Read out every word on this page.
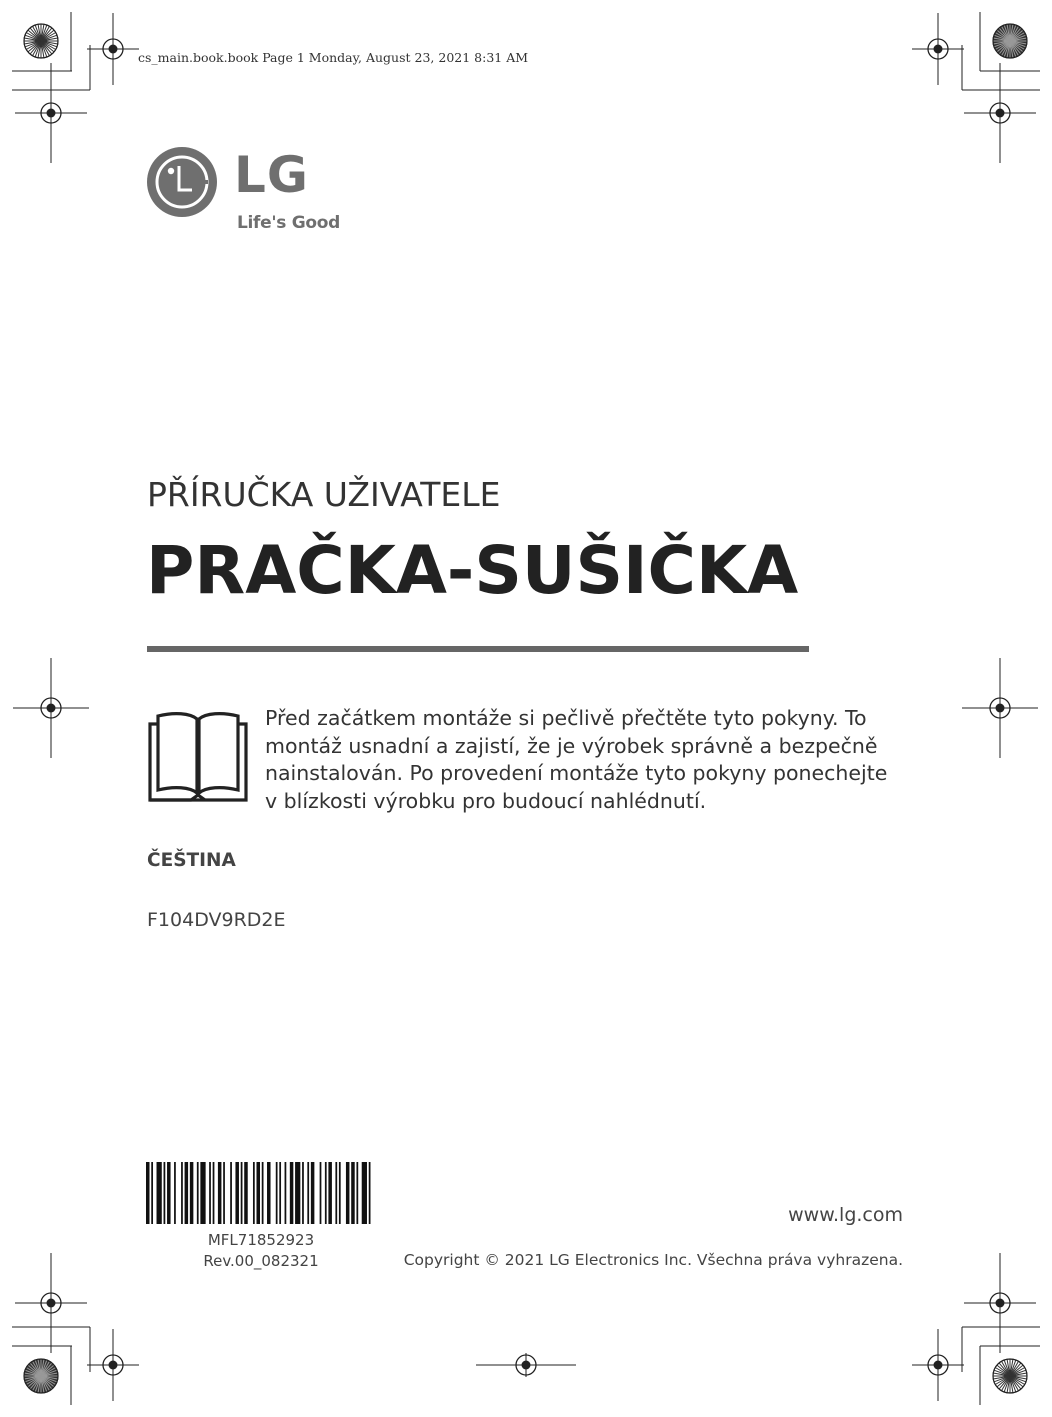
cs_main.book.book Page 1 Monday, August 23, 2021 8:31 AM
LG
Life's Good
PŘÍRUČKA UŽIVATELE
PRAČKA-SUŠIČKA
Před začátkem montáže si pečlivě přečtěte tyto pokyny. To montáž usnadní a zajistí, že je výrobek správně a bezpečně nainstalován. Po provedení montáže tyto pokyny ponechejte v blízkosti výrobku pro budoucí nahlédnutí.
ČEŠTINA
F104DV9RD2E
MFL71852923
Rev.00_082321
www.lg.com
Copyright © 2021 LG Electronics Inc. Všechna práva vyhrazena.
